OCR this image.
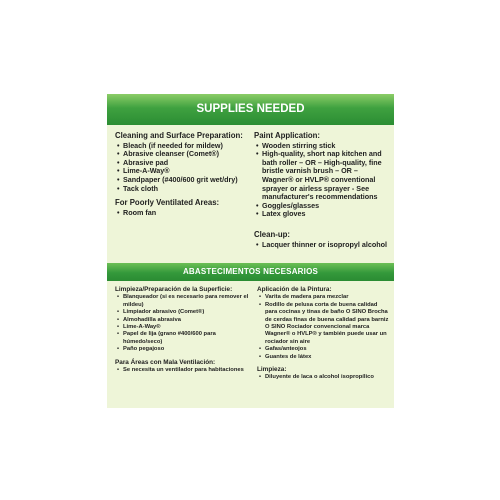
SUPPLIES NEEDED
Cleaning and Surface Preparation:
• Bleach (if needed for mildew)
• Abrasive cleanser (Comet®)
• Abrasive pad
• Lime-A-Way®
• Sandpaper (#400/600 grit wet/dry)
• Tack cloth
For Poorly Ventilated Areas:
• Room fan
Paint Application:
• Wooden stirring stick
• High-quality, short nap kitchen and bath roller – OR – High-quality, fine bristle varnish brush – OR – Wagner® or HVLP® conventional sprayer or airless sprayer - See manufacturer's recommendations
• Goggles/glasses
• Latex gloves
Clean-up:
• Lacquer thinner or isopropyl alcohol
ABASTECIMENTOS NECESARIOS
Limpieza/Preparación de la Superficie:
• Blanqueador (si es necesario para remover el mildeu)
• Limpiador abrasivo (Comet®)
• Almohadilla abrasiva
• Lime-A-Way®
• Papel de lija (grano #400/600 para húmedo/seco)
• Paño pegajoso
Para Áreas con Mala Ventilación:
• Se necesita un ventilador para habitaciones
Aplicación de la Pintura:
• Varita de madera para mezclar
• Rodillo de pelusa corta de buena calidad para cocinas y tinas de baño O SINO Brocha de cerdas finas de buena calidad para barniz O SINO Rociador convencional marca Wagner® o HVLP® y también puede usar un rociador sin aire
• Gafas/anteojos
• Guantes de látex
Limpieza:
• Diluyente de laca o alcohol isopropílico
